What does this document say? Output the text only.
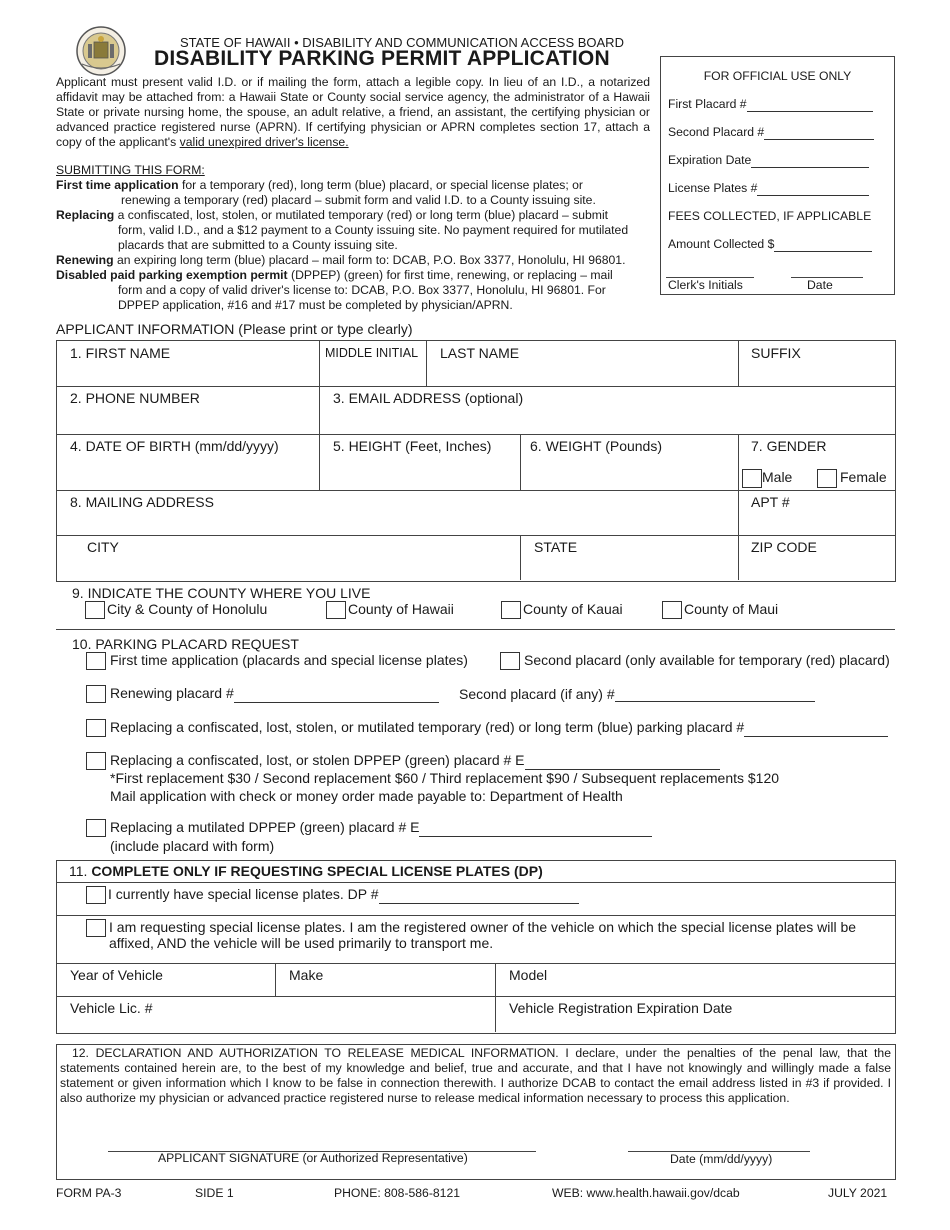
STATE OF HAWAII • DISABILITY AND COMMUNICATION ACCESS BOARD
DISABILITY PARKING PERMIT APPLICATION
Applicant must present valid I.D. or if mailing the form, attach a legible copy. In lieu of an I.D., a notarized affidavit may be attached from: a Hawaii State or County social service agency, the administrator of a Hawaii State or private nursing home, the spouse, an adult relative, a friend, an assistant, the certifying physician or advanced practice registered nurse (APRN). If certifying physician or APRN completes section 17, attach a copy of the applicant's valid unexpired driver's license.
SUBMITTING THIS FORM:
First time application for a temporary (red), long term (blue) placard, or special license plates; or
renewing a temporary (red) placard – submit form and valid I.D. to a County issuing site.
Replacing a confiscated, lost, stolen, or mutilated temporary (red) or long term (blue) placard – submit
form, valid I.D., and a $12 payment to a County issuing site. No payment required for mutilated
placards that are submitted to a County issuing site.
Renewing an expiring long term (blue) placard – mail form to: DCAB, P.O. Box 3377, Honolulu, HI 96801.
Disabled paid parking exemption permit (DPPEP) (green) for first time, renewing, or replacing – mail
form and a copy of valid driver's license to: DCAB, P.O. Box 3377, Honolulu, HI 96801. For
DPPEP application, #16 and #17 must be completed by physician/APRN.
FOR OFFICIAL USE ONLY
First Placard #
Second Placard #
Expiration Date
License Plates #
FEES COLLECTED, IF APPLICABLE
Amount Collected $
Clerk's Initials	Date
APPLICANT INFORMATION (Please print or type clearly)
1. FIRST NAME	MIDDLE INITIAL LAST NAME	SUFFIX
2. PHONE NUMBER	3. EMAIL ADDRESS (optional)
4. DATE OF BIRTH (mm/dd/yyyy)	5. HEIGHT (Feet, Inches)	6. WEIGHT (Pounds)	7. GENDER
Male	Female
8. MAILING ADDRESS	APT #
CITY	STATE	ZIP CODE
9. INDICATE THE COUNTY WHERE YOU LIVE
City & County of Honolulu	County of Hawaii	County of Kauai	County of Maui
10. PARKING PLACARD REQUEST
First time application (placards and special license plates)	Second placard (only available for temporary (red) placard)
Renewing placard #	Second placard (if any) #
Replacing a confiscated, lost, stolen, or mutilated temporary (red) or long term (blue) parking placard #
Replacing a confiscated, lost, or stolen DPPEP (green) placard # E
*First replacement $30 / Second replacement $60 / Third replacement $90 / Subsequent replacements $120
Mail application with check or money order made payable to: Department of Health
Replacing a mutilated DPPEP (green) placard # E
(include placard with form)
11. COMPLETE ONLY IF REQUESTING SPECIAL LICENSE PLATES (DP)
I currently have special license plates. DP #
I am requesting special license plates. I am the registered owner of the vehicle on which the special license plates will be
affixed, AND the vehicle will be used primarily to transport me.
Year of Vehicle	Make	Model
Vehicle Lic. #	Vehicle Registration Expiration Date
12. DECLARATION AND AUTHORIZATION TO RELEASE MEDICAL INFORMATION. I declare, under the penalties of the penal law, that the statements contained herein are, to the best of my knowledge and belief, true and accurate, and that I have not knowingly and willingly made a false statement or given information which I know to be false in connection therewith. I authorize DCAB to contact the email address listed in #3 if provided. I also authorize my physician or advanced practice registered nurse to release medical information necessary to process this application.
APPLICANT SIGNATURE (or Authorized Representative)	Date (mm/dd/yyyy)
FORM PA-3	SIDE 1	PHONE: 808-586-8121	WEB: www.health.hawaii.gov/dcab	JULY 2021
